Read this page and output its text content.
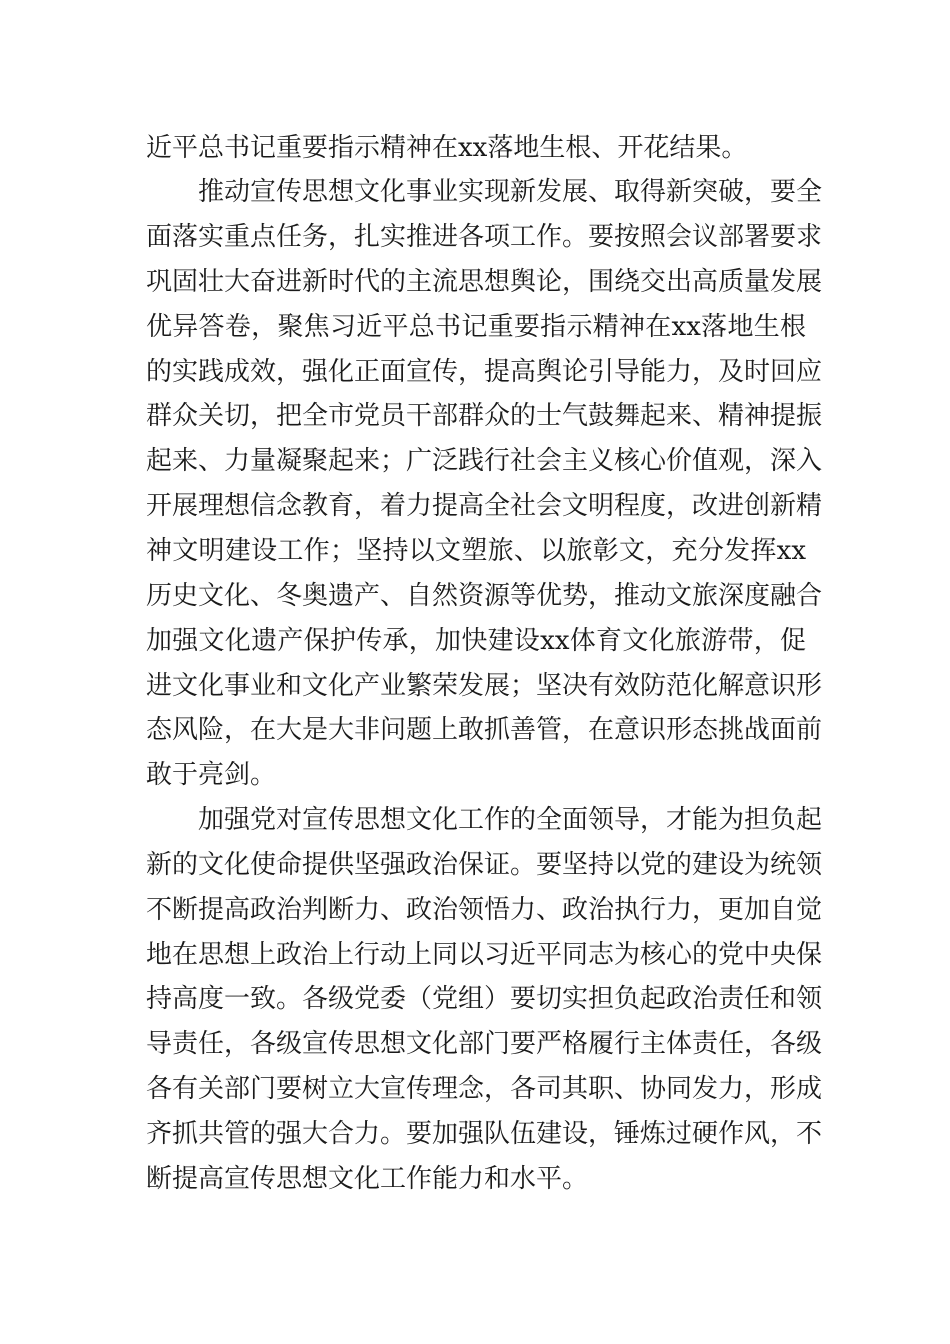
近平总书记重要指示精神在xx落地生根、开花结果。
推动宣传思想文化事业实现新发展、取得新突破，要全
面落实重点任务，扎实推进各项工作。要按照会议部署要求
巩固壮大奋进新时代的主流思想舆论，围绕交出高质量发展
优异答卷，聚焦习近平总书记重要指示精神在xx落地生根
的实践成效，强化正面宣传，提高舆论引导能力，及时回应
群众关切，把全市党员干部群众的士气鼓舞起来、精神提振
起来、力量凝聚起来；广泛践行社会主义核心价值观，深入
开展理想信念教育，着力提高全社会文明程度，改进创新精
神文明建设工作；坚持以文塑旅、以旅彰文，充分发挥xx
历史文化、冬奥遗产、自然资源等优势，推动文旅深度融合
加强文化遗产保护传承，加快建设xx体育文化旅游带，促
进文化事业和文化产业繁荣发展；坚决有效防范化解意识形
态风险，在大是大非问题上敢抓善管，在意识形态挑战面前
敢于亮剑。
加强党对宣传思想文化工作的全面领导，才能为担负起
新的文化使命提供坚强政治保证。要坚持以党的建设为统领
不断提高政治判断力、政治领悟力、政治执行力，更加自觉
地在思想上政治上行动上同以习近平同志为核心的党中央保
持高度一致。各级党委（党组）要切实担负起政治责任和领
导责任，各级宣传思想文化部门要严格履行主体责任，各级
各有关部门要树立大宣传理念，各司其职、协同发力，形成
齐抓共管的强大合力。要加强队伍建设，锤炼过硬作风，不
断提高宣传思想文化工作能力和水平。
